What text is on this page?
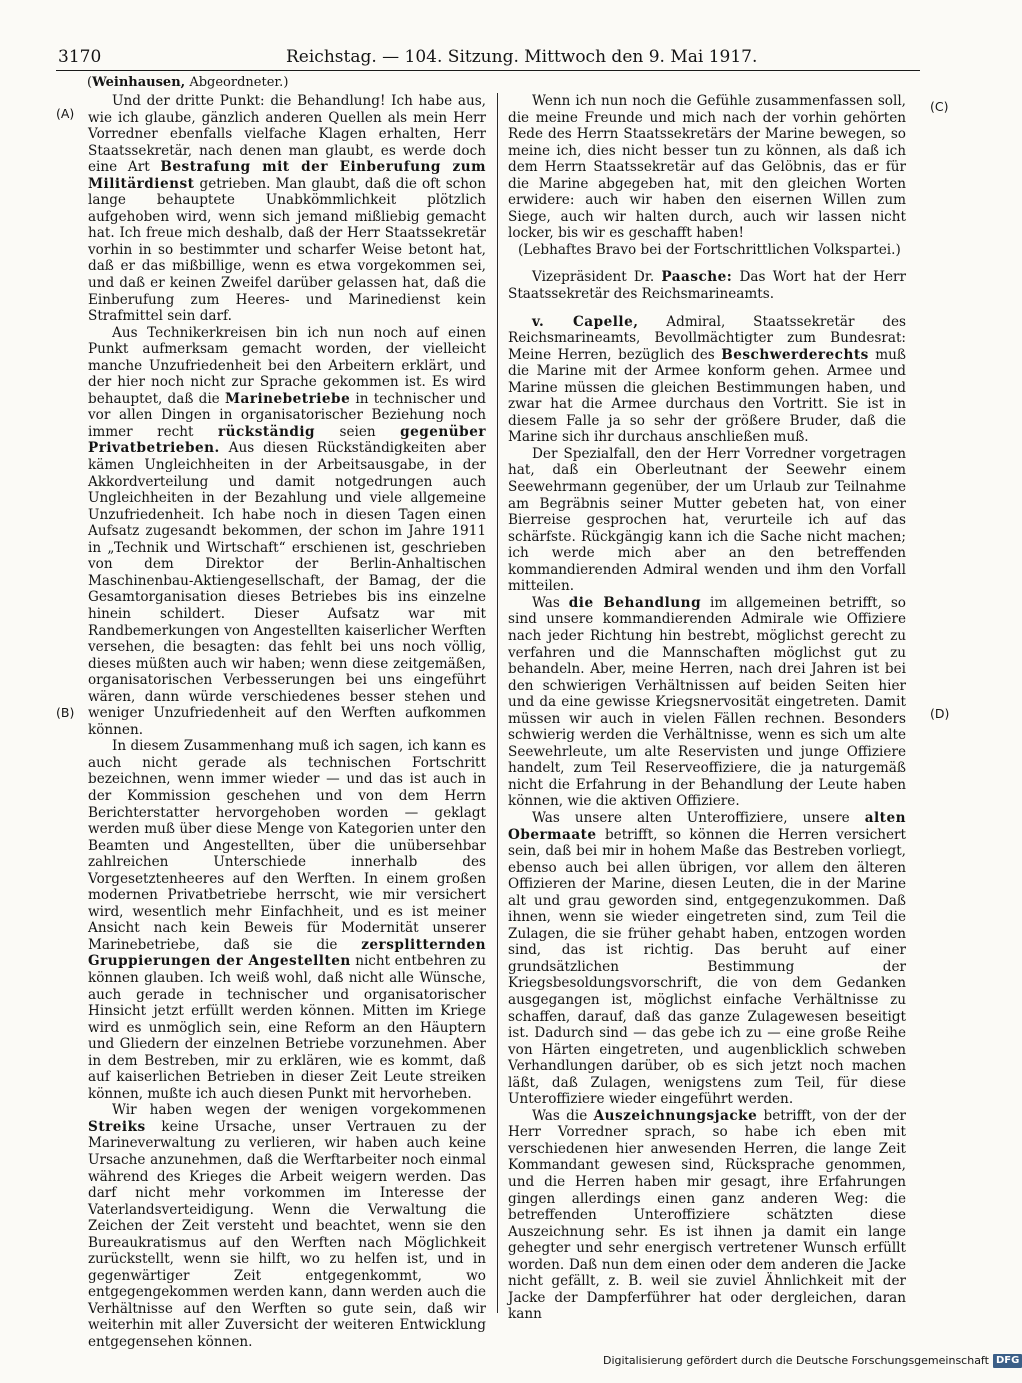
3170	Reichstag. — 104. Sitzung. Mittwoch den 9. Mai 1917.
(Weinhausen, Abgeordneter.)
(A)
(B)
(C)
(D)

Und der dritte Punkt: die Behandlung! Ich habe aus, wie ich glaube, gänzlich anderen Quellen als mein Herr Vorredner ebenfalls vielfache Klagen erhalten, Herr Staatssekretär, nach denen man glaubt, es werde doch eine Art Bestrafung mit der Einberufung zum Militärdienst getrieben. Man glaubt, daß die oft schon lange behauptete Unabkömmlichkeit plötzlich aufgehoben wird, wenn sich jemand mißliebig gemacht hat. Ich freue mich deshalb, daß der Herr Staatssekretär vorhin in so bestimmter und scharfer Weise betont hat, daß er das mißbillige, wenn es etwa vorgekommen sei, und daß er keinen Zweifel darüber gelassen hat, daß die Einberufung zum Heeres- und Marinedienst kein Strafmittel sein darf.

Aus Technikerkreisen bin ich nun noch auf einen Punkt aufmerksam gemacht worden, der vielleicht manche Unzufriedenheit bei den Arbeitern erklärt, und der hier noch nicht zur Sprache gekommen ist. Es wird behauptet, daß die Marinebetriebe in technischer und vor allen Dingen in organisatorischer Beziehung noch immer recht rückständig seien gegenüber Privatbetrieben. Aus diesen Rückständigkeiten aber kämen Ungleichheiten in der Arbeitsausgabe, in der Akkordverteilung und damit notgedrungen auch Ungleichheiten in der Bezahlung und viele allgemeine Unzufriedenheit. Ich habe noch in diesen Tagen einen Aufsatz zugesandt bekommen, der schon im Jahre 1911 in „Technik und Wirtschaft“ erschienen ist, geschrieben von dem Direktor der Berlin-Anhaltischen Maschinenbau-Aktiengesellschaft, der Bamag, der die Gesamtorganisation dieses Betriebes bis ins einzelne hinein schildert. Dieser Aufsatz war mit Randbemerkungen von Angestellten kaiserlicher Werften versehen, die besagten: das fehlt bei uns noch völlig, dieses müßten auch wir haben; wenn diese zeitgemäßen, organisatorischen Verbesserungen bei uns eingeführt wären, dann würde verschiedenes besser stehen und weniger Unzufriedenheit auf den Werften aufkommen können.

In diesem Zusammenhang muß ich sagen, ich kann es auch nicht gerade als technischen Fortschritt bezeichnen, wenn immer wieder — und das ist auch in der Kommission geschehen und von dem Herrn Berichterstatter hervorgehoben worden — geklagt werden muß über diese Menge von Kategorien unter den Beamten und Angestellten, über die unübersehbar zahlreichen Unterschiede innerhalb des Vorgesetztenheeres auf den Werften. In einem großen modernen Privatbetriebe herrscht, wie mir versichert wird, wesentlich mehr Einfachheit, und es ist meiner Ansicht nach kein Beweis für Modernität unserer Marinebetriebe, daß sie die zersplitternden Gruppierungen der Angestellten nicht entbehren zu können glauben. Ich weiß wohl, daß nicht alle Wünsche, auch gerade in technischer und organisatorischer Hinsicht jetzt erfüllt werden können. Mitten im Kriege wird es unmöglich sein, eine Reform an den Häuptern und Gliedern der einzelnen Betriebe vorzunehmen. Aber in dem Bestreben, mir zu erklären, wie es kommt, daß auf kaiserlichen Betrieben in dieser Zeit Leute streiken können, mußte ich auch diesen Punkt mit hervorheben.

Wir haben wegen der wenigen vorgekommenen Streiks keine Ursache, unser Vertrauen zu der Marineverwaltung zu verlieren, wir haben auch keine Ursache anzunehmen, daß die Werftarbeiter noch einmal während des Krieges die Arbeit weigern werden. Das darf nicht mehr vorkommen im Interesse der Vaterlandsverteidigung. Wenn die Verwaltung die Zeichen der Zeit versteht und beachtet, wenn sie den Bureaukratismus auf den Werften nach Möglichkeit zurückstellt, wenn sie hilft, wo zu helfen ist, und in gegenwärtiger Zeit entgegenkommt, wo entgegengekommen werden kann, dann werden auch die Verhältnisse auf den Werften so gute sein, daß wir weiterhin mit aller Zuversicht der weiteren Entwicklung entgegensehen können.

Wenn ich nun noch die Gefühle zusammenfassen soll, die meine Freunde und mich nach der vorhin gehörten Rede des Herrn Staatssekretärs der Marine bewegen, so meine ich, dies nicht besser tun zu können, als daß ich dem Herrn Staatssekretär auf das Gelöbnis, das er für die Marine abgegeben hat, mit den gleichen Worten erwidere: auch wir haben den eisernen Willen zum Siege, auch wir halten durch, auch wir lassen nicht locker, bis wir es geschafft haben!

(Lebhaftes Bravo bei der Fortschrittlichen Volkspartei.)

Vizepräsident Dr. Paasche: Das Wort hat der Herr Staatssekretär des Reichsmarineamts.

v. Capelle, Admiral, Staatssekretär des Reichsmarineamts, Bevollmächtigter zum Bundesrat: Meine Herren, bezüglich des Beschwerderechts muß die Marine mit der Armee konform gehen. Armee und Marine müssen die gleichen Bestimmungen haben, und zwar hat die Armee durchaus den Vortritt. Sie ist in diesem Falle ja so sehr der größere Bruder, daß die Marine sich ihr durchaus anschließen muß.

Der Spezialfall, den der Herr Vorredner vorgetragen hat, daß ein Oberleutnant der Seewehr einem Seewehrmann gegenüber, der um Urlaub zur Teilnahme am Begräbnis seiner Mutter gebeten hat, von einer Bierreise gesprochen hat, verurteile ich auf das schärfste. Rückgängig kann ich die Sache nicht machen; ich werde mich aber an den betreffenden kommandierenden Admiral wenden und ihm den Vorfall mitteilen.

Was die Behandlung im allgemeinen betrifft, so sind unsere kommandierenden Admirale wie Offiziere nach jeder Richtung hin bestrebt, möglichst gerecht zu verfahren und die Mannschaften möglichst gut zu behandeln. Aber, meine Herren, nach drei Jahren ist bei den schwierigen Verhältnissen auf beiden Seiten hier und da eine gewisse Kriegsnervosität eingetreten. Damit müssen wir auch in vielen Fällen rechnen. Besonders schwierig werden die Verhältnisse, wenn es sich um alte Seewehrleute, um alte Reservisten und junge Offiziere handelt, zum Teil Reserveoffiziere, die ja naturgemäß nicht die Erfahrung in der Behandlung der Leute haben können, wie die aktiven Offiziere.

Was unsere alten Unteroffiziere, unsere alten Obermaate betrifft, so können die Herren versichert sein, daß bei mir in hohem Maße das Bestreben vorliegt, ebenso auch bei allen übrigen, vor allem den älteren Offizieren der Marine, diesen Leuten, die in der Marine alt und grau geworden sind, entgegenzukommen. Daß ihnen, wenn sie wieder eingetreten sind, zum Teil die Zulagen, die sie früher gehabt haben, entzogen worden sind, das ist richtig. Das beruht auf einer grundsätzlichen Bestimmung der Kriegsbesoldungsvorschrift, die von dem Gedanken ausgegangen ist, möglichst einfache Verhältnisse zu schaffen, darauf, daß das ganze Zulagewesen beseitigt ist. Dadurch sind — das gebe ich zu — eine große Reihe von Härten eingetreten, und augenblicklich schweben Verhandlungen darüber, ob es sich jetzt noch machen läßt, daß Zulagen, wenigstens zum Teil, für diese Unteroffiziere wieder eingeführt werden.

Was die Auszeichnungsjacke betrifft, von der der Herr Vorredner sprach, so habe ich eben mit verschiedenen hier anwesenden Herren, die lange Zeit Kommandant gewesen sind, Rücksprache genommen, und die Herren haben mir gesagt, ihre Erfahrungen gingen allerdings einen ganz anderen Weg: die betreffenden Unteroffiziere schätzten diese Auszeichnung sehr. Es ist ihnen ja damit ein lange gehegter und sehr energisch vertretener Wunsch erfüllt worden. Daß nun dem einen oder dem anderen die Jacke nicht gefällt, z. B. weil sie zuviel Ähnlichkeit mit der Jacke der Dampferführer hat oder dergleichen, daran kann

Digitalisierung gefördert durch die Deutsche Forschungsgemeinschaft DFG
